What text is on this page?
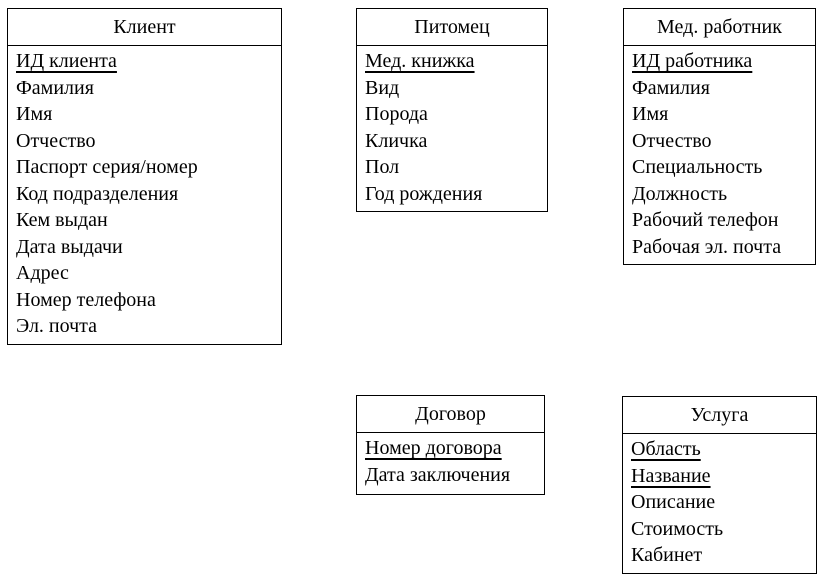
Клиент
ИД клиента
Фамилия
Имя
Отчество
Паспорт серия/номер
Код подразделения
Кем выдан
Дата выдачи
Адрес
Номер телефона
Эл. почта
Питомец
Мед. книжка
Вид
Порода
Кличка
Пол
Год рождения
Мед. работник
ИД работника
Фамилия
Имя
Отчество
Специальность
Должность
Рабочий телефон
Рабочая эл. почта
Договор
Номер договора
Дата заключения
Услуга
Область
Название
Описание
Стоимость
Кабинет
